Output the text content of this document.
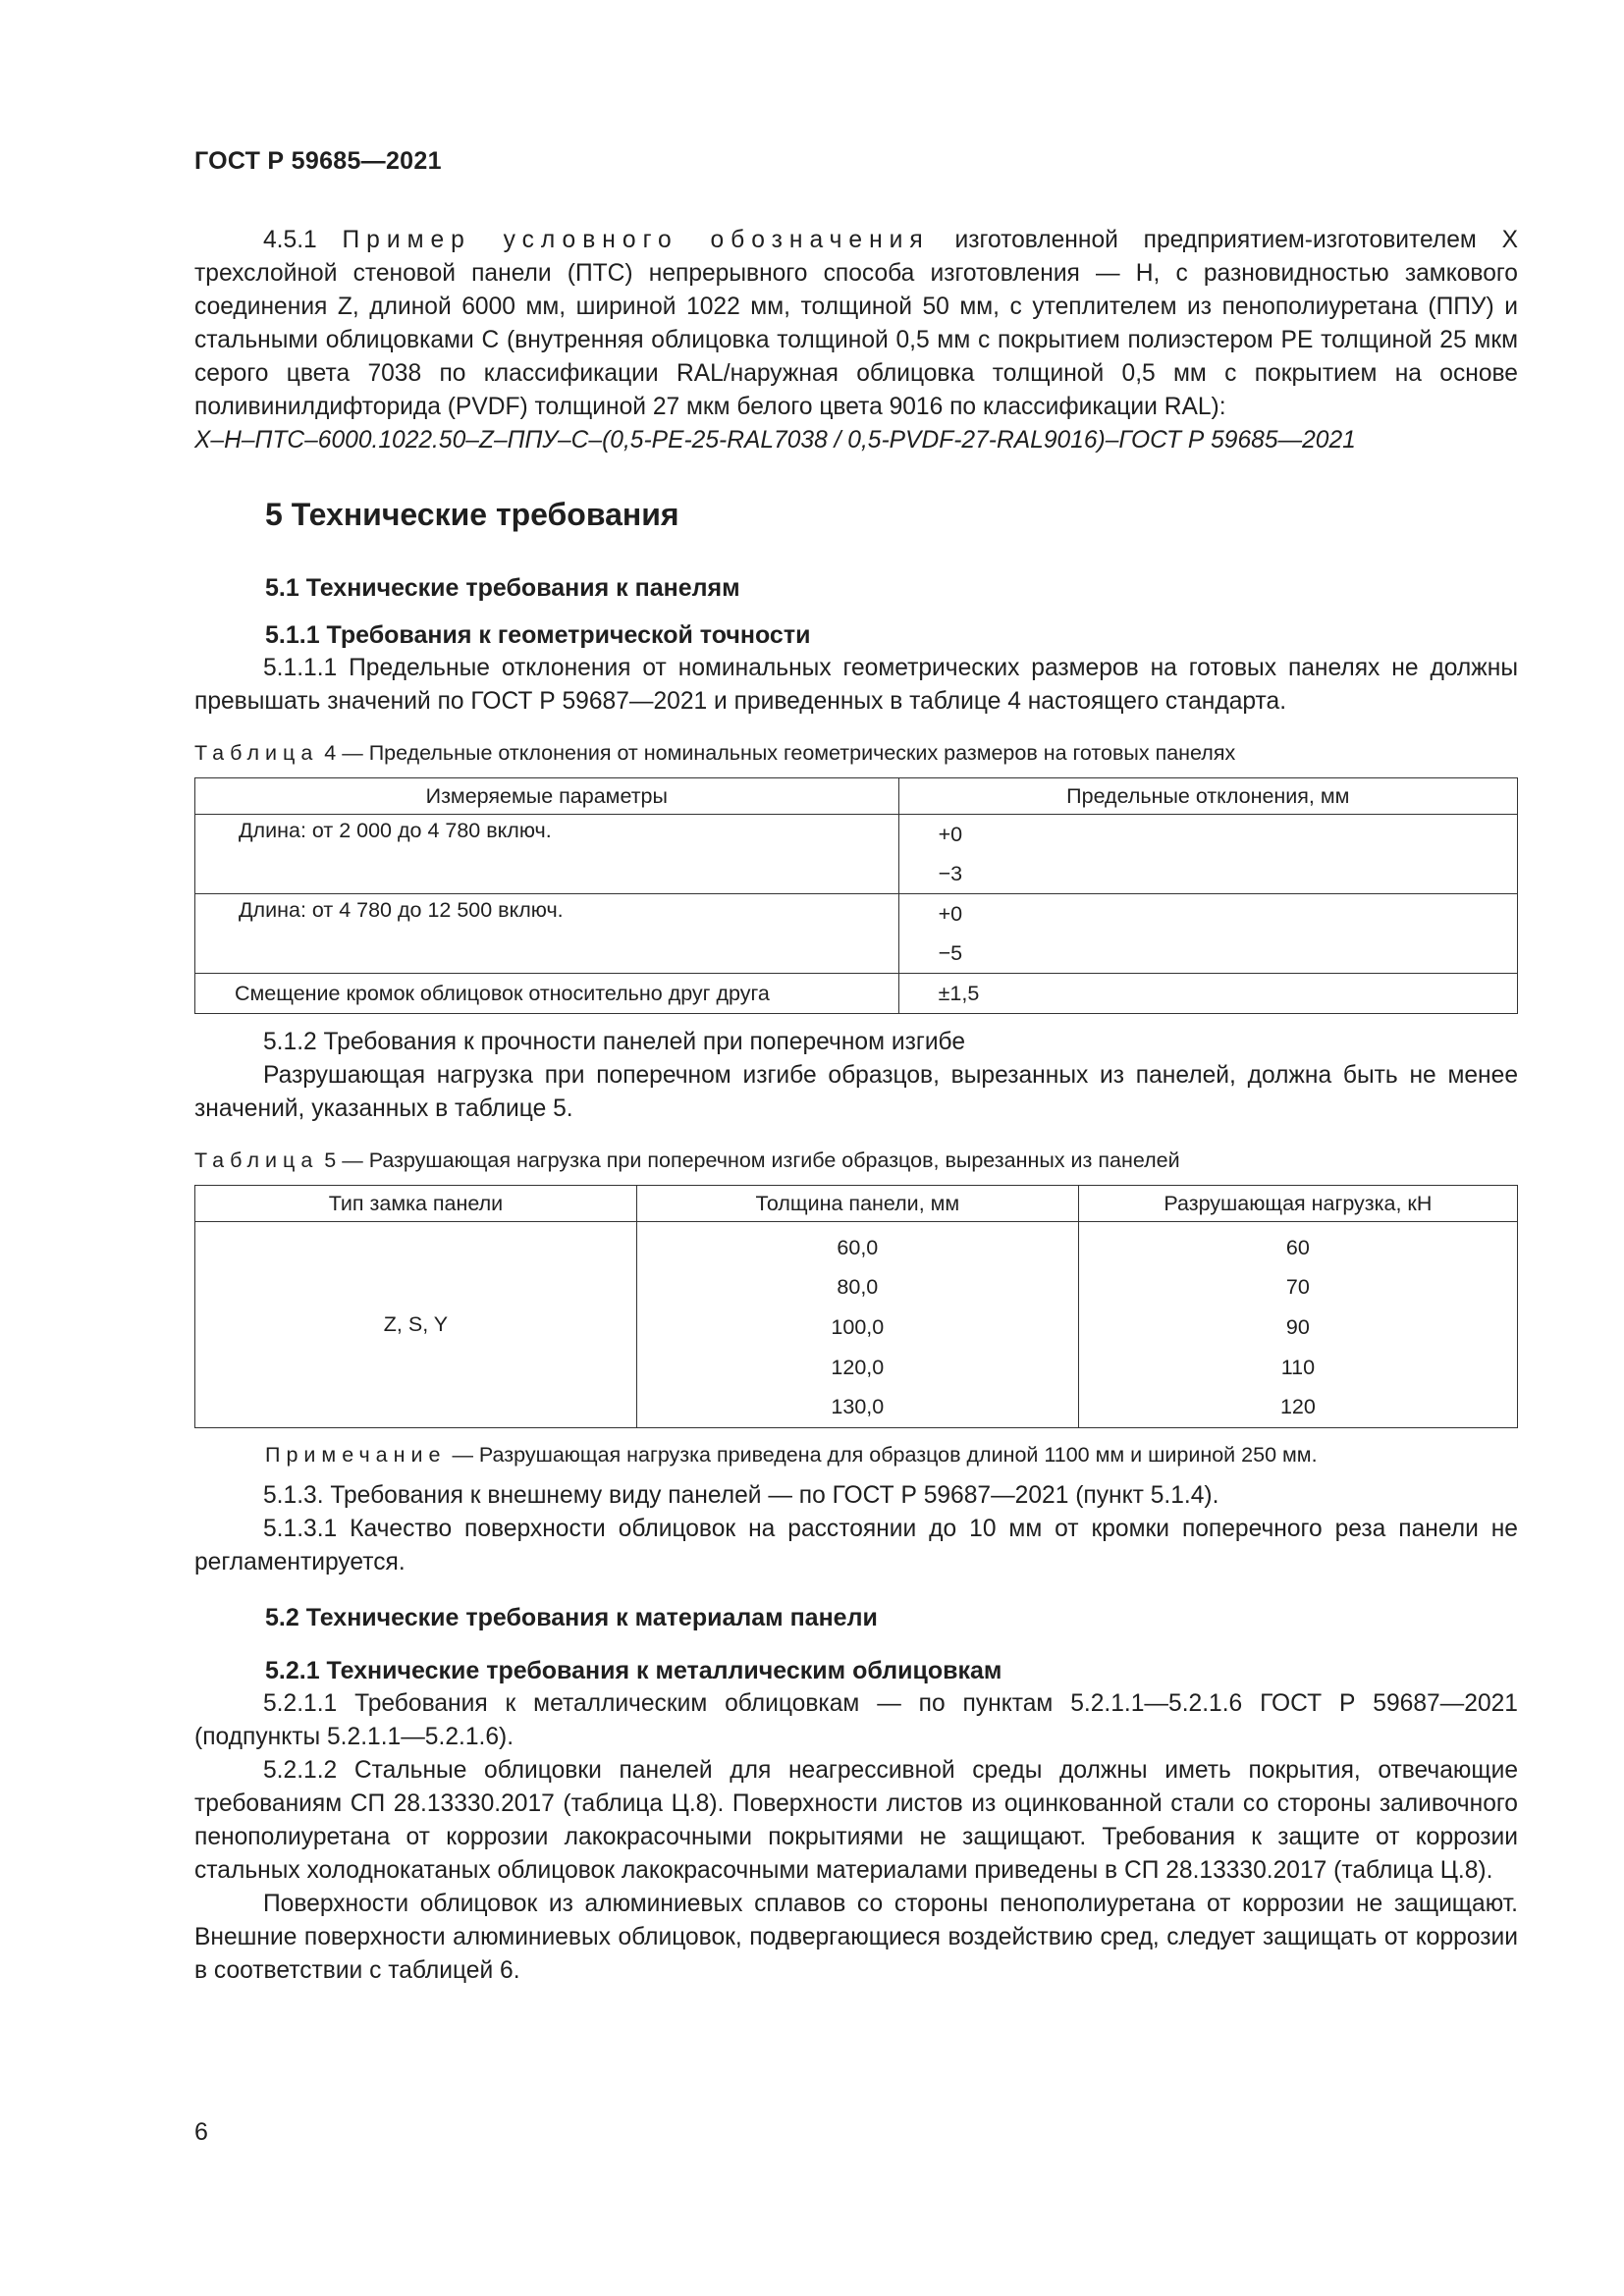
ГОСТ Р 59685—2021

4.5.1 Пример условного обозначения изготовленной предприятием-изготовителем X трехслойной стеновой панели (ПТС) непрерывного способа изготовления — Н, с разновидностью замкового соединения Z, длиной 6000 мм, шириной 1022 мм, толщиной 50 мм, с утеплителем из пенополиуретана (ППУ) и стальными облицовками С (внутренняя облицовка толщиной 0,5 мм с покрытием полиэстером PE толщиной 25 мкм серого цвета 7038 по классификации RAL/наружная облицовка толщиной 0,5 мм с покрытием на основе поливинилдифторида (PVDF) толщиной 27 мкм белого цвета 9016 по классификации RAL):

X–Н–ПТС–6000.1022.50–Z–ППУ–С–(0,5-PE-25-RAL7038 / 0,5-PVDF-27-RAL9016)–ГОСТ Р 59685—2021

5 Технические требования
5.1 Технические требования к панелям
5.1.1 Требования к геометрической точности

5.1.1.1 Предельные отклонения от номинальных геометрических размеров на готовых панелях не должны превышать значений по ГОСТ Р 59687—2021 и приведенных в таблице 4 настоящего стандарта.

Таблица 4 — Предельные отклонения от номинальных геометрических размеров на готовых панелях
Измеряемые параметры	Предельные отклонения, мм
Длина: от 2 000 до 4 780 включ.	+0
	−3
Длина: от 4 780 до 12 500 включ.	+0
	−5
Смещение кромок облицовок относительно друг друга	±1,5

5.1.2 Требования к прочности панелей при поперечном изгибе

Разрушающая нагрузка при поперечном изгибе образцов, вырезанных из панелей, должна быть не менее значений, указанных в таблице 5.

Таблица 5 — Разрушающая нагрузка при поперечном изгибе образцов, вырезанных из панелей
Тип замка панели	Толщина панели, мм	Разрушающая нагрузка, кН
Z, S, Y	60,0	60
	80,0	70
	100,0	90
	120,0	110
	130,0	120
Примечание — Разрушающая нагрузка приведена для образцов длиной 1100 мм и шириной 250 мм.

5.1.3. Требования к внешнему виду панелей — по ГОСТ Р 59687—2021 (пункт 5.1.4).

5.1.3.1 Качество поверхности облицовок на расстоянии до 10 мм от кромки поперечного реза панели не регламентируется.

5.2 Технические требования к материалам панели
5.2.1 Технические требования к металлическим облицовкам

5.2.1.1 Требования к металлическим облицовкам — по пунктам 5.2.1.1—5.2.1.6 ГОСТ Р 59687—2021 (подпункты 5.2.1.1—5.2.1.6).

5.2.1.2 Стальные облицовки панелей для неагрессивной среды должны иметь покрытия, отвечающие требованиям СП 28.13330.2017 (таблица Ц.8). Поверхности листов из оцинкованной стали со стороны заливочного пенополиуретана от коррозии лакокрасочными покрытиями не защищают. Требования к защите от коррозии стальных холоднокатаных облицовок лакокрасочными материалами приведены в СП 28.13330.2017 (таблица Ц.8).

Поверхности облицовок из алюминиевых сплавов со стороны пенополиуретана от коррозии не защищают. Внешние поверхности алюминиевых облицовок, подвергающиеся воздействию сред, следует защищать от коррозии в соответствии с таблицей 6.

6
